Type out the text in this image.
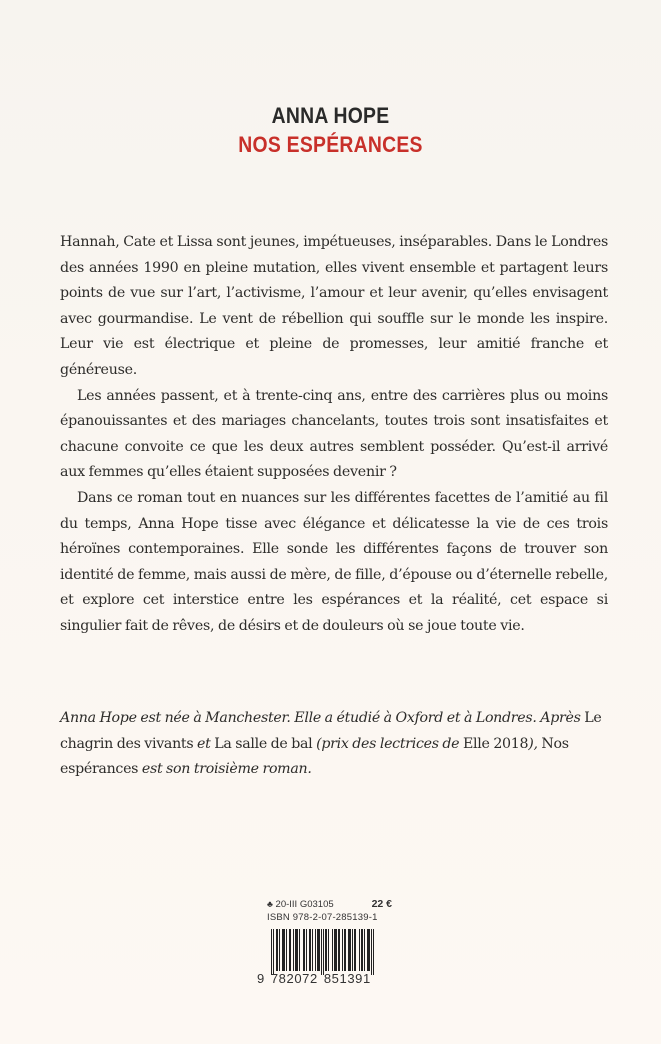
ANNA HOPE
NOS ESPÉRANCES

Hannah, Cate et Lissa sont jeunes, impétueuses, inséparables. Dans le Londres des années 1990 en pleine mutation, elles vivent ensemble et partagent leurs points de vue sur l’art, l’activisme, l’amour et leur avenir, qu’elles envisagent avec gourmandise. Le vent de rébellion qui souffle sur le monde les inspire. Leur vie est électrique et pleine de promesses, leur amitié franche et généreuse.

Les années passent, et à trente-cinq ans, entre des carrières plus ou moins épanouissantes et des mariages chancelants, toutes trois sont insatisfaites et chacune convoite ce que les deux autres semblent posséder. Qu’est-il arrivé aux femmes qu’elles étaient supposées devenir ?

Dans ce roman tout en nuances sur les différentes facettes de l’amitié au fil du temps, Anna Hope tisse avec élégance et délicatesse la vie de ces trois héroïnes contemporaines. Elle sonde les différentes façons de trouver son identité de femme, mais aussi de mère, de fille, d’épouse ou d’éternelle rebelle, et explore cet interstice entre les espérances et la réalité, cet espace si singulier fait de rêves, de désirs et de douleurs où se joue toute vie.

Anna Hope est née à Manchester. Elle a étudié à Oxford et à Londres. Après Le chagrin des vivants et La salle de bal (prix des lectrices de Elle 2018), Nos espérances est son troisième roman.
♣ 20-III G03105	22 €
ISBN 978-2-07-285139-1
9 782072 851391
